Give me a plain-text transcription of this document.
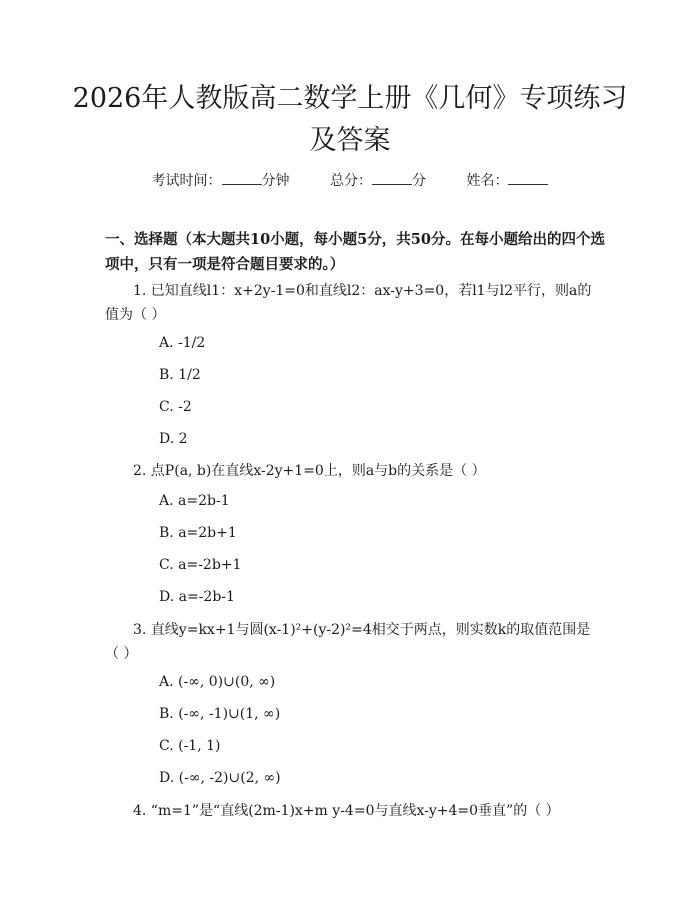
2026年人教版高二数学上册《几何》专项练习及答案
考试时间：	分钟	总分：	分	姓名：
一、选择题（本大题共10小题，每小题5分，共50分。在每小题给出的四个选项中，只有一项是符合题目要求的。）
1. 已知直线l1：x+2y-1=0和直线l2：ax-y+3=0，若l1与l2平行，则a的值为（ ）
A. -1/2
B. 1/2
C. -2
D. 2
2. 点P(a, b)在直线x-2y+1=0上，则a与b的关系是（ ）
A. a=2b-1
B. a=2b+1
C. a=-2b+1
D. a=-2b-1
3. 直线y=kx+1与圆(x-1)²+(y-2)²=4相交于两点，则实数k的取值范围是（ ）
A. (-∞, 0)∪(0, ∞)
B. (-∞, -1)∪(1, ∞)
C. (-1, 1)
D. (-∞, -2)∪(2, ∞)
4. “m=1”是“直线(2m-1)x+m y-4=0与直线x-y+4=0垂直”的（ ）
